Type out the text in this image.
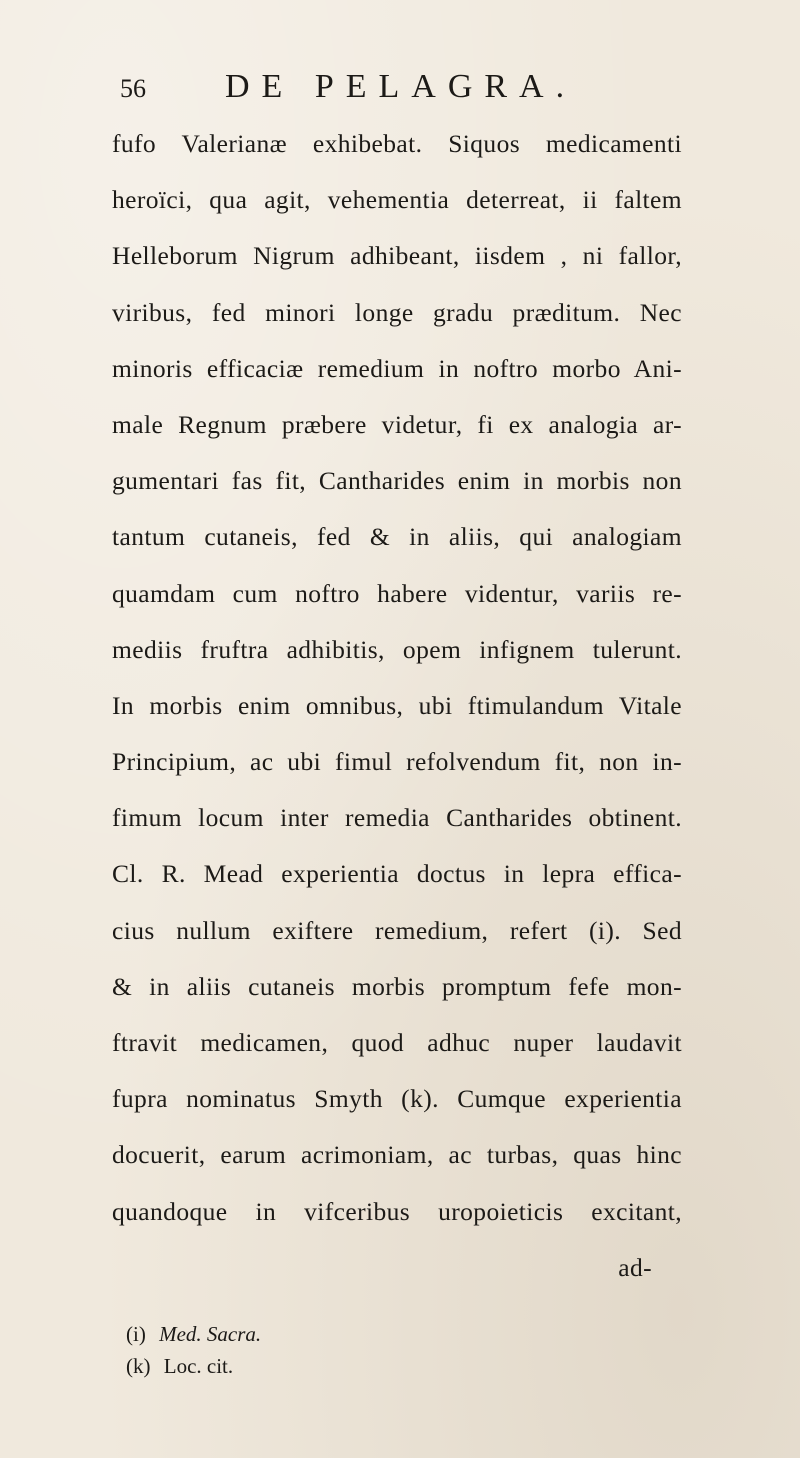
56 DE PELAGRA.
fufo Valerianæ exhibebat. Siquos medicamenti
heroïci, qua agit, vehementia deterreat, ii faltem
Helleborum Nigrum adhibeant, iisdem , ni fallor,
viribus, fed minori longe gradu præditum. Nec
minoris efficaciæ remedium in noftro morbo Ani-
male Regnum præbere videtur, fi ex analogia ar-
gumentari fas fit, Cantharides enim in morbis non
tantum cutaneis, fed & in aliis, qui analogiam
quamdam cum noftro habere videntur, variis re-
mediis fruftra adhibitis, opem infignem tulerunt.
In morbis enim omnibus, ubi ftimulandum Vitale
Principium, ac ubi fimul refolvendum fit, non in-
fimum locum inter remedia Cantharides obtinent.
Cl. R. Mead experientia doctus in lepra effica-
cius nullum exiftere remedium, refert (i). Sed
& in aliis cutaneis morbis promptum fefe mon-
ftravit medicamen, quod adhuc nuper laudavit
fupra nominatus Smyth (k). Cumque experientia
docuerit, earum acrimoniam, ac turbas, quas hinc
quandoque in vifceribus uropoieticis excitant,
ad-
(i) Med. Sacra.
(k) Loc. cit.
